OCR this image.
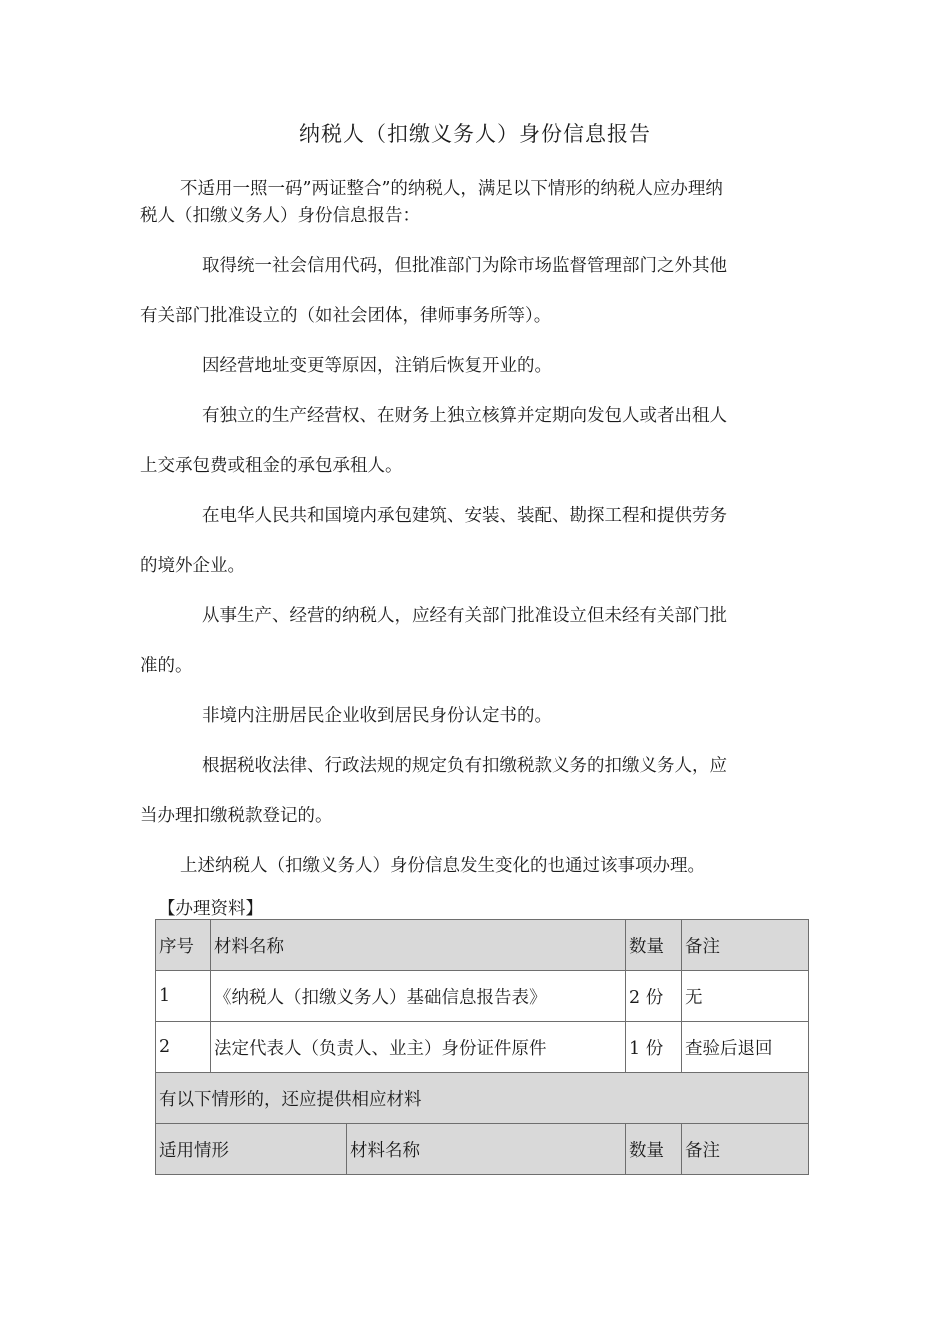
纳税人（扣缴义务人）身份信息报告
不适用一照一码”两证整合”的纳税人，满足以下情形的纳税人应办理纳
税人（扣缴义务人）身份信息报告：
取得统一社会信用代码，但批准部门为除市场监督管理部门之外其他
有关部门批准设立的（如社会团体，律师事务所等）。
因经营地址变更等原因，注销后恢复开业的。
有独立的生产经营权、在财务上独立核算并定期向发包人或者出租人
上交承包费或租金的承包承租人。
在电华人民共和国境内承包建筑、安装、装配、勘探工程和提供劳务
的境外企业。
从事生产、经营的纳税人，应经有关部门批准设立但未经有关部门批
准的。
非境内注册居民企业收到居民身份认定书的。
根据税收法律、行政法规的规定负有扣缴税款义务的扣缴义务人，应
当办理扣缴税款登记的。
上述纳税人（扣缴义务人）身份信息发生变化的也通过该事项办理。
【办理资料】
序号	材料名称		数量	备注
1	《纳税人（扣缴义务人）基础信息报告表》		2 份	无
2	法定代表人（负责人、业主）身份证件原件		1 份	查验后退回
有以下情形的，还应提供相应材料				
适用情形		材料名称	数量	备注
